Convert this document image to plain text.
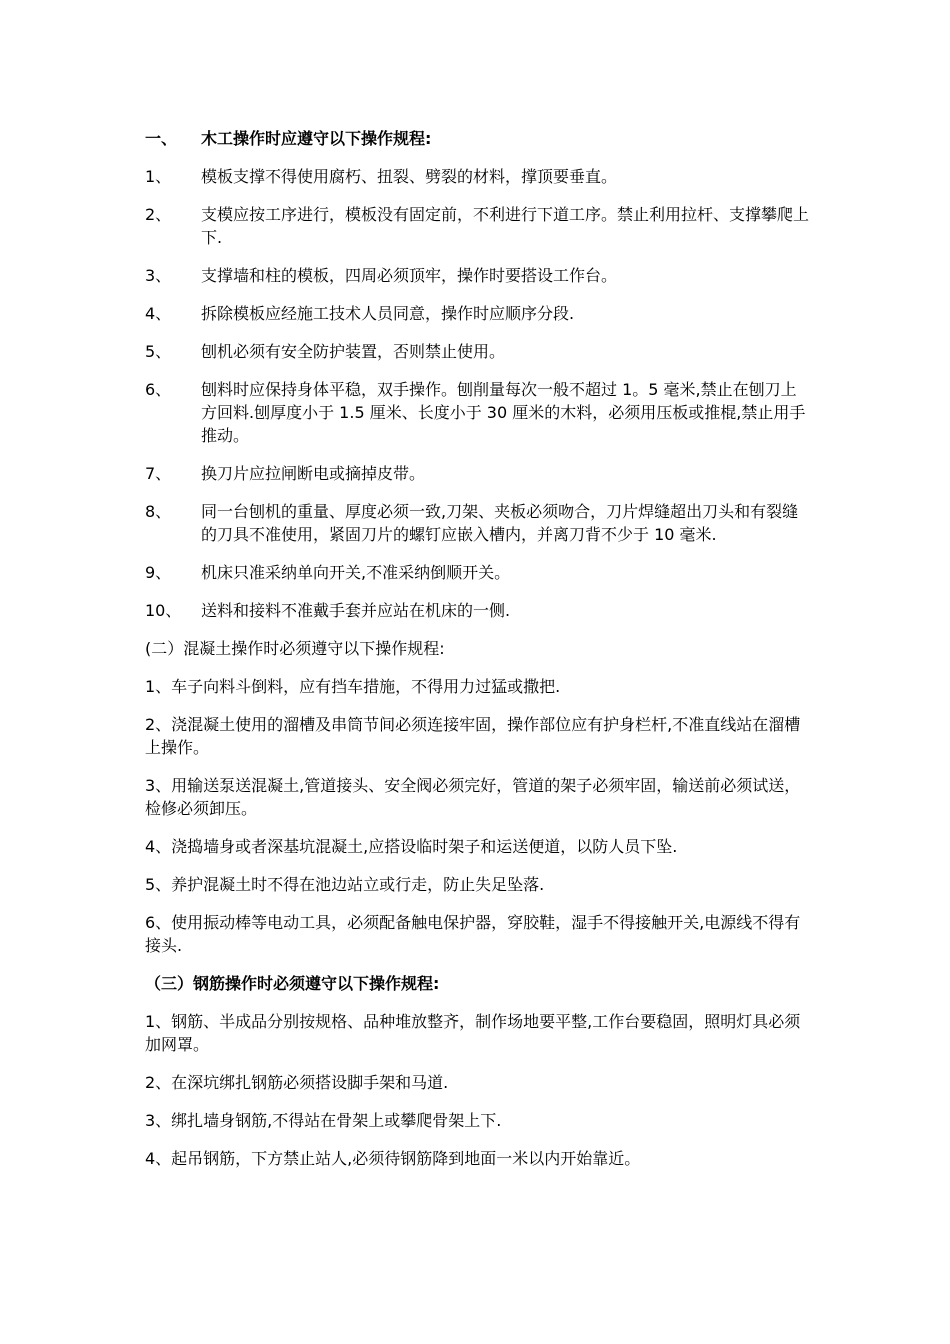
一、	木工操作时应遵守以下操作规程:
1、	模板支撑不得使用腐朽、扭裂、劈裂的材料，撑顶要垂直。
2、	支模应按工序进行，模板没有固定前，不利进行下道工序。禁止利用拉杆、支撑攀爬上下.
3、	支撑墙和柱的模板，四周必须顶牢，操作时要搭设工作台。
4、	拆除模板应经施工技术人员同意，操作时应顺序分段.
5、	刨机必须有安全防护装置，否则禁止使用。
6、	刨料时应保持身体平稳，双手操作。刨削量每次一般不超过 1。5 毫米,禁止在刨刀上方回料.刨厚度小于 1.5 厘米、长度小于 30 厘米的木料，必须用压板或推棍,禁止用手推动。
7、	换刀片应拉闸断电或摘掉皮带。
8、	同一台刨机的重量、厚度必须一致,刀架、夹板必须吻合，刀片焊缝超出刀头和有裂缝的刀具不准使用，紧固刀片的螺钉应嵌入槽内，并离刀背不少于 10 毫米.
9、	机床只准采纳单向开关,不准采纳倒顺开关。
10、	送料和接料不准戴手套并应站在机床的一侧.
(二）混凝土操作时必须遵守以下操作规程:
1、车子向料斗倒料，应有挡车措施，不得用力过猛或撒把.
2、浇混凝土使用的溜槽及串筒节间必须连接牢固，操作部位应有护身栏杆,不准直线站在溜槽上操作。
3、用输送泵送混凝土,管道接头、安全阀必须完好，管道的架子必须牢固，输送前必须试送，检修必须卸压。
4、浇捣墙身或者深基坑混凝土,应搭设临时架子和运送便道，以防人员下坠.
5、养护混凝土时不得在池边站立或行走，防止失足坠落.
6、使用振动棒等电动工具，必须配备触电保护器，穿胶鞋，湿手不得接触开关,电源线不得有接头.
（三）钢筋操作时必须遵守以下操作规程:
1、钢筋、半成品分别按规格、品种堆放整齐，制作场地要平整,工作台要稳固，照明灯具必须加网罩。
2、在深坑绑扎钢筋必须搭设脚手架和马道.
3、绑扎墙身钢筋,不得站在骨架上或攀爬骨架上下.
4、起吊钢筋，下方禁止站人,必须待钢筋降到地面一米以内开始靠近。
